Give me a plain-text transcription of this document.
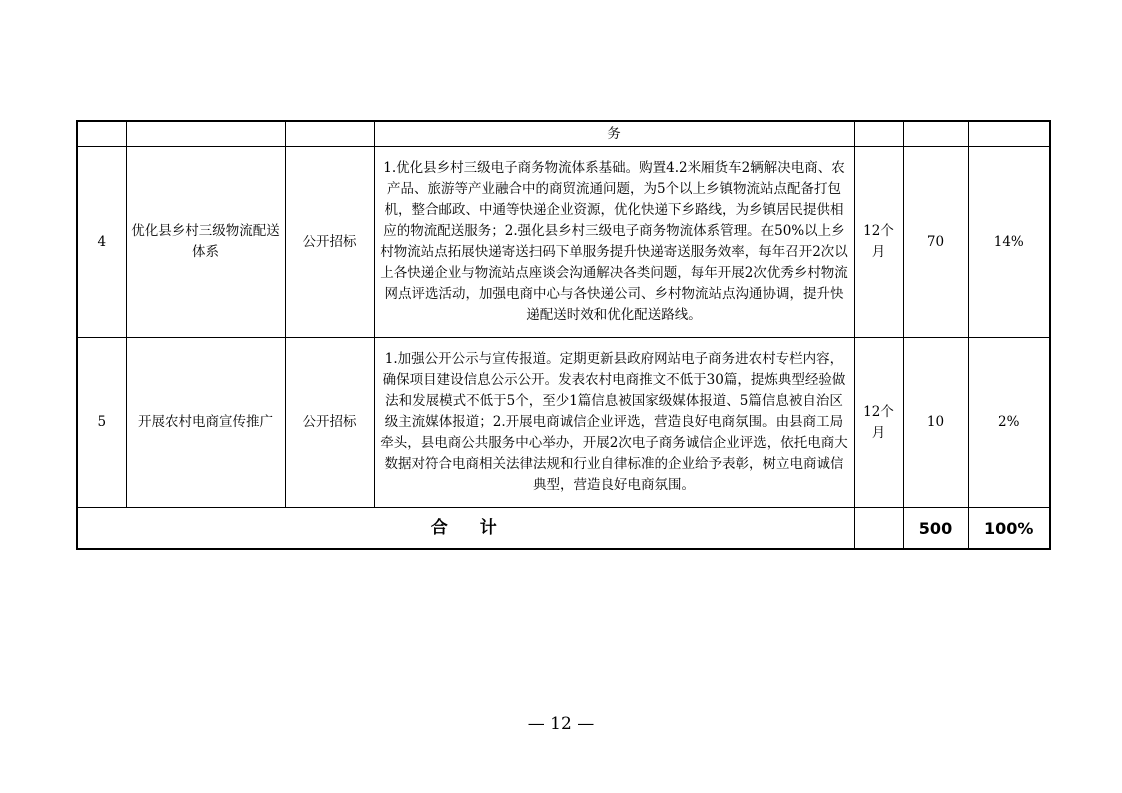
			务			
4	优化县乡村三级物流配送体系	公开招标	1.优化县乡村三级电子商务物流体系基础。购置4.2米厢货车2辆解决电商、农产品、旅游等产业融合中的商贸流通问题，为5个以上乡镇物流站点配备打包机，整合邮政、中通等快递企业资源，优化快递下乡路线，为乡镇居民提供相应的物流配送服务；2.强化县乡村三级电子商务物流体系管理。在50%以上乡村物流站点拓展快递寄送扫码下单服务提升快递寄送服务效率，每年召开2次以上各快递企业与物流站点座谈会沟通解决各类问题，每年开展2次优秀乡村物流网点评选活动，加强电商中心与各快递公司、乡村物流站点沟通协调，提升快递配送时效和优化配送路线。	12个月	70	14%
5	开展农村电商宣传推广	公开招标	1.加强公开公示与宣传报道。定期更新县政府网站电子商务进农村专栏内容，确保项目建设信息公示公开。发表农村电商推文不低于30篇，提炼典型经验做法和发展模式不低于5个，至少1篇信息被国家级媒体报道、5篇信息被自治区级主流媒体报道；2.开展电商诚信企业评选，营造良好电商氛围。由县商工局牵头，县电商公共服务中心举办，开展2次电子商务诚信企业评选，依托电商大数据对符合电商相关法律法规和行业自律标准的企业给予表彰，树立电商诚信典型，营造良好电商氛围。	12个月	10	2%
合计					500	100%
— 12 —
